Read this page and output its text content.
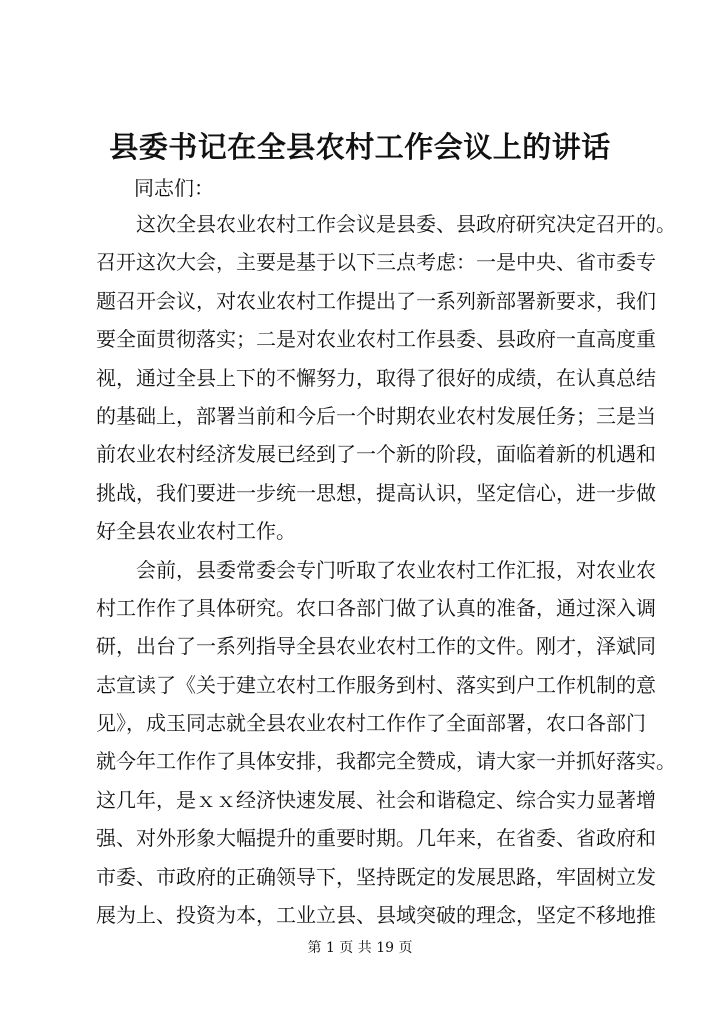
县委书记在全县农村工作会议上的讲话
同志们：
这次全县农业农村工作会议是县委、县政府研究决定召开的。
召开这次大会，主要是基于以下三点考虑：一是中央、省市委专
题召开会议，对农业农村工作提出了一系列新部署新要求，我们
要全面贯彻落实；二是对农业农村工作县委、县政府一直高度重
视，通过全县上下的不懈努力，取得了很好的成绩，在认真总结
的基础上，部署当前和今后一个时期农业农村发展任务；三是当
前农业农村经济发展已经到了一个新的阶段，面临着新的机遇和
挑战，我们要进一步统一思想，提高认识，坚定信心，进一步做
好全县农业农村工作。
会前，县委常委会专门听取了农业农村工作汇报，对农业农
村工作作了具体研究。农口各部门做了认真的准备，通过深入调
研，出台了一系列指导全县农业农村工作的文件。刚才，泽斌同
志宣读了《关于建立农村工作服务到村、落实到户工作机制的意
见》，成玉同志就全县农业农村工作作了全面部署，农口各部门
就今年工作作了具体安排，我都完全赞成，请大家一并抓好落实。
这几年，是ｘｘ经济快速发展、社会和谐稳定、综合实力显著增
强、对外形象大幅提升的重要时期。几年来，在省委、省政府和
市委、市政府的正确领导下，坚持既定的发展思路，牢固树立发
展为上、投资为本，工业立县、县域突破的理念，坚定不移地推
第 1 页 共 19 页
